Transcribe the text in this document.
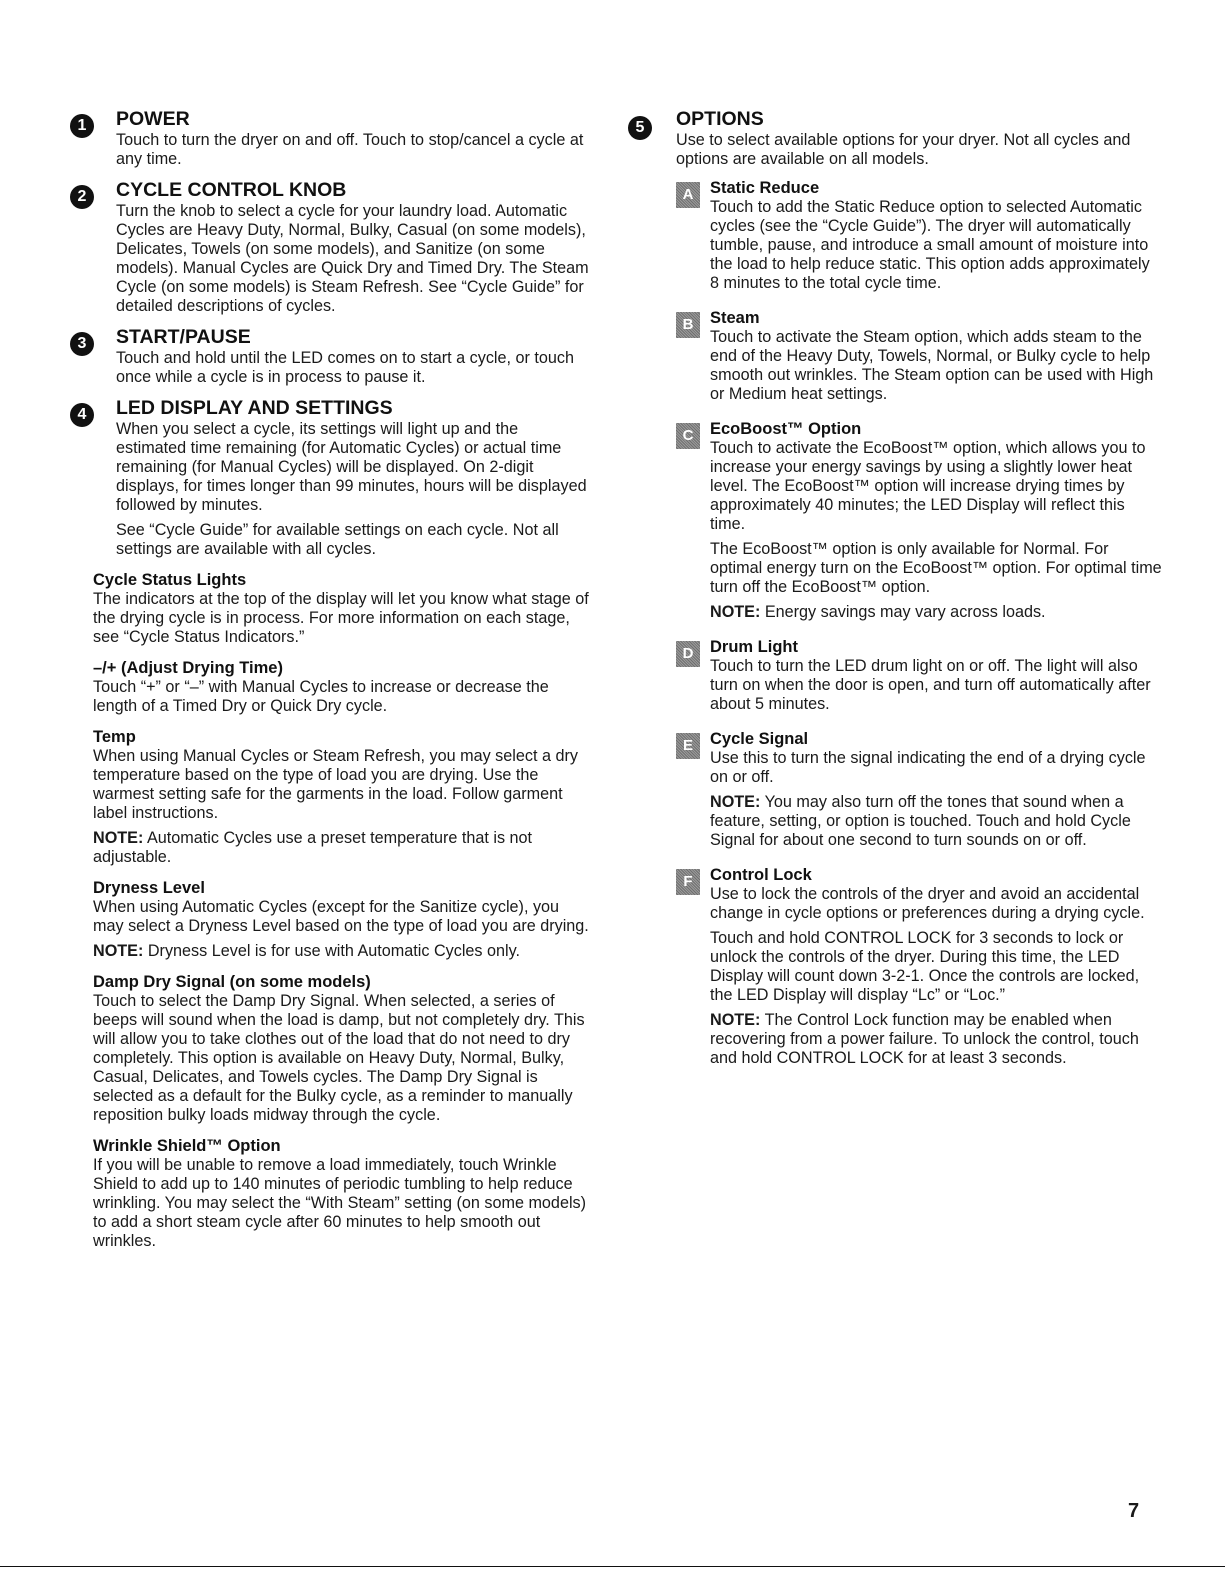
1	POWER

Touch to turn the dryer on and off. Touch to stop/cancel a cycle at any time.

2	CYCLE CONTROL KNOB

Turn the knob to select a cycle for your laundry load. Automatic Cycles are Heavy Duty, Normal, Bulky, Casual (on some models), Delicates, Towels (on some models), and Sanitize (on some models). Manual Cycles are Quick Dry and Timed Dry. The Steam Cycle (on some models) is Steam Refresh. See “Cycle Guide” for detailed descriptions of cycles.

3	START/PAUSE

Touch and hold until the LED comes on to start a cycle, or touch once while a cycle is in process to pause it.

4	LED DISPLAY AND SETTINGS

When you select a cycle, its settings will light up and the estimated time remaining (for Automatic Cycles) or actual time remaining (for Manual Cycles) will be displayed. On 2-digit displays, for times longer than 99 minutes, hours will be displayed followed by minutes.

See “Cycle Guide” for available settings on each cycle. Not all settings are available with all cycles.

Cycle Status Lights

The indicators at the top of the display will let you know what stage of the drying cycle is in process. For more information on each stage, see “Cycle Status Indicators.”

–/+ (Adjust Drying Time)

Touch “+” or “–” with Manual Cycles to increase or decrease the length of a Timed Dry or Quick Dry cycle.

Temp

When using Manual Cycles or Steam Refresh, you may select a dry temperature based on the type of load you are drying. Use the warmest setting safe for the garments in the load. Follow garment label instructions.

NOTE: Automatic Cycles use a preset temperature that is not adjustable.

Dryness Level

When using Automatic Cycles (except for the Sanitize cycle), you may select a Dryness Level based on the type of load you are drying.

NOTE: Dryness Level is for use with Automatic Cycles only.

Damp Dry Signal (on some models)

Touch to select the Damp Dry Signal. When selected, a series of beeps will sound when the load is damp, but not completely dry. This will allow you to take clothes out of the load that do not need to dry completely. This option is available on Heavy Duty, Normal, Bulky, Casual, Delicates, and Towels cycles. The Damp Dry Signal is selected as a default for the Bulky cycle, as a reminder to manually reposition bulky loads midway through the cycle.

Wrinkle Shield™ Option

If you will be unable to remove a load immediately, touch Wrinkle Shield to add up to 140 minutes of periodic tumbling to help reduce wrinkling. You may select the “With Steam” setting (on some models) to add a short steam cycle after 60 minutes to help smooth out wrinkles.

5	OPTIONS

Use to select available options for your dryer. Not all cycles and options are available on all models.

A	Static Reduce

Touch to add the Static Reduce option to selected Automatic cycles (see the “Cycle Guide”). The dryer will automatically tumble, pause, and introduce a small amount of moisture into the load to help reduce static. This option adds approximately 8 minutes to the total cycle time.

B	Steam

Touch to activate the Steam option, which adds steam to the end of the Heavy Duty, Towels, Normal, or Bulky cycle to help smooth out wrinkles. The Steam option can be used with High or Medium heat settings.

C	EcoBoost™ Option

Touch to activate the EcoBoost™ option, which allows you to increase your energy savings by using a slightly lower heat level. The EcoBoost™ option will increase drying times by approximately 40 minutes; the LED Display will reflect this time.

The EcoBoost™ option is only available for Normal. For optimal energy turn on the EcoBoost™ option. For optimal time turn off the EcoBoost™ option.

NOTE: Energy savings may vary across loads.

D	Drum Light

Touch to turn the LED drum light on or off. The light will also turn on when the door is open, and turn off automatically after about 5 minutes.

E	Cycle Signal

Use this to turn the signal indicating the end of a drying cycle on or off.

NOTE: You may also turn off the tones that sound when a feature, setting, or option is touched. Touch and hold Cycle Signal for about one second to turn sounds on or off.

F	Control Lock

Use to lock the controls of the dryer and avoid an accidental change in cycle options or preferences during a drying cycle.

Touch and hold CONTROL LOCK for 3 seconds to lock or unlock the controls of the dryer. During this time, the LED Display will count down 3-2-1. Once the controls are locked, the LED Display will display “Lc” or “Loc.”

NOTE: The Control Lock function may be enabled when recovering from a power failure. To unlock the control, touch and hold CONTROL LOCK for at least 3 seconds.

7
